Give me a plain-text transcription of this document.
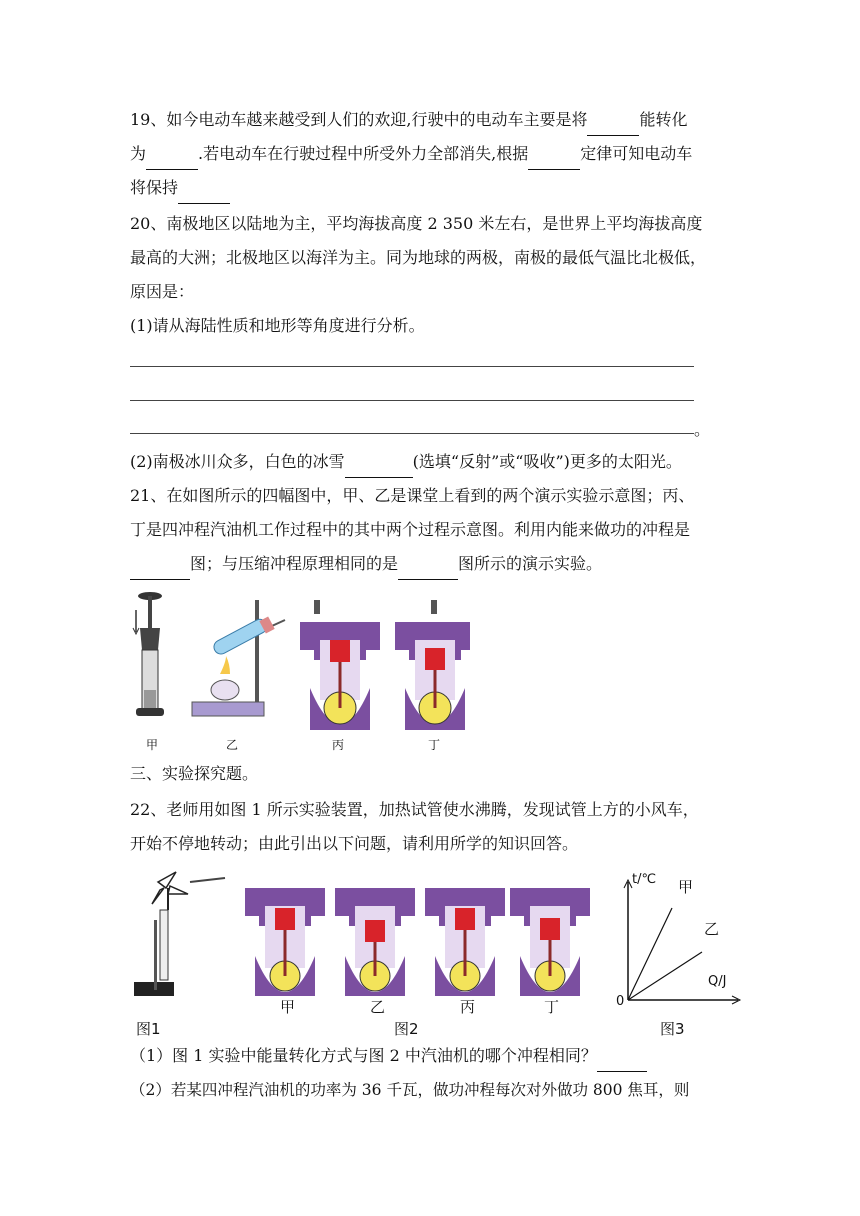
19、如今电动车越来越受到人们的欢迎,行驶中的电动车主要是将	能转化
为	.若电动车在行驶过程中所受外力全部消失,根据	定律可知电动车
将保持
20、南极地区以陆地为主，平均海拔高度 2 350 米左右，是世界上平均海拔高度
最高的大洲；北极地区以海洋为主。同为地球的两极，南极的最低气温比北极低，
原因是：
(1)请从海陆性质和地形等角度进行分析。
。
(2)南极冰川众多，白色的冰雪	(选填“反射”或“吸收”)更多的太阳光。
21、在如图所示的四幅图中，甲、乙是课堂上看到的两个演示实验示意图；丙、
丁是四冲程汽油机工作过程中的其中两个过程示意图。利用内能来做功的冲程是
图；与压缩冲程原理相同的是	图所示的演示实验。
甲	乙	丙	丁
三、实验探究题。
22、老师用如图 1 所示实验装置，加热试管使水沸腾，发现试管上方的小风车，
开始不停地转动；由此引出以下问题，请利用所学的知识回答。
甲	乙	丙	丁
图1	图2	图3
t/℃
Q/J
0
甲
乙
（1）图 1 实验中能量转化方式与图 2 中汽油机的哪个冲程相同？
（2）若某四冲程汽油机的功率为 36 千瓦，做功冲程每次对外做功 800 焦耳，则
